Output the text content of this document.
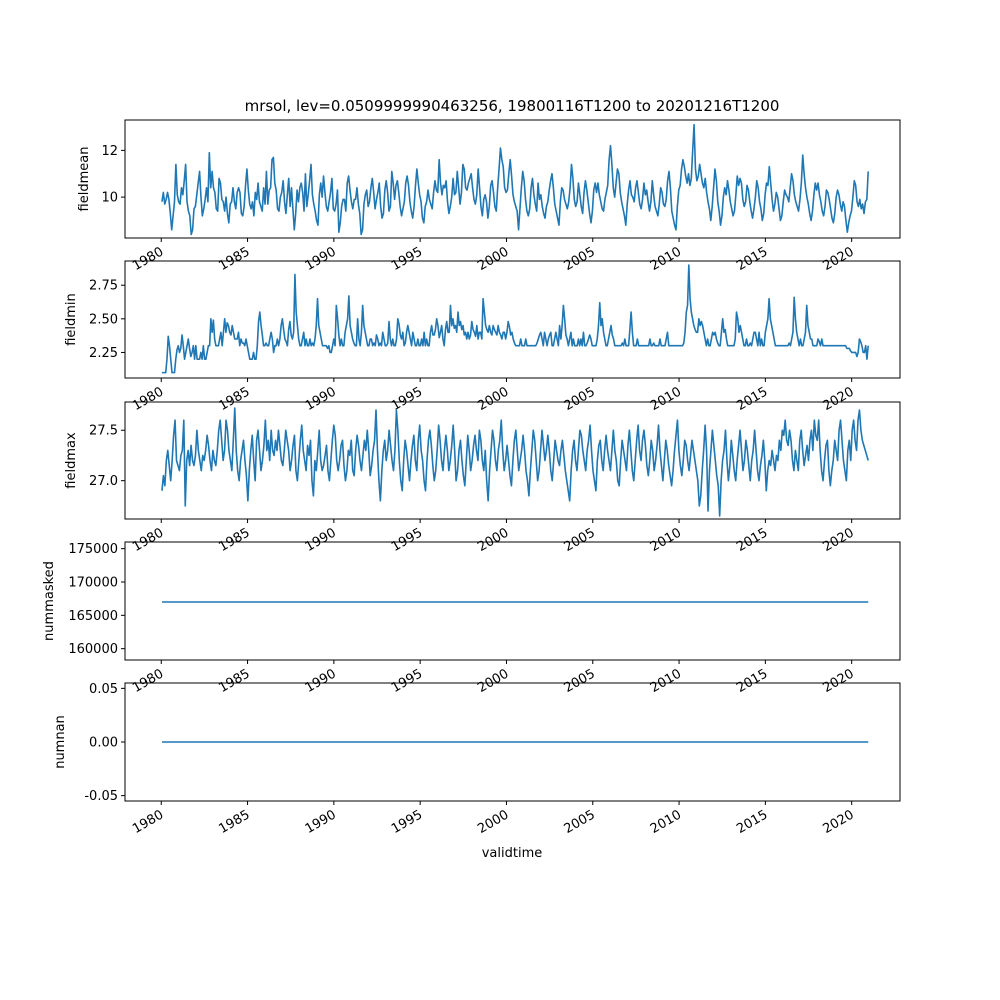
mrsol, lev=0.0509999990463256, 19800116T1200 to 20201216T1200
validtime
10
12
fieldmean
1980	1985	1990	1995	2000	2005	2010	2015	2020
2.25
2.50
2.75
fieldmin
1980	1985	1990	1995	2000	2005	2010	2015	2020
27.0
27.5
fieldmax
1980	1985	1990	1995	2000	2005	2010	2015	2020
160000
165000
170000
175000
nummasked
1980	1985	1990	1995	2000	2005	2010	2015	2020
-0.05
0.00
0.05
numnan
1980	1985	1990	1995	2000	2005	2010	2015	2020
